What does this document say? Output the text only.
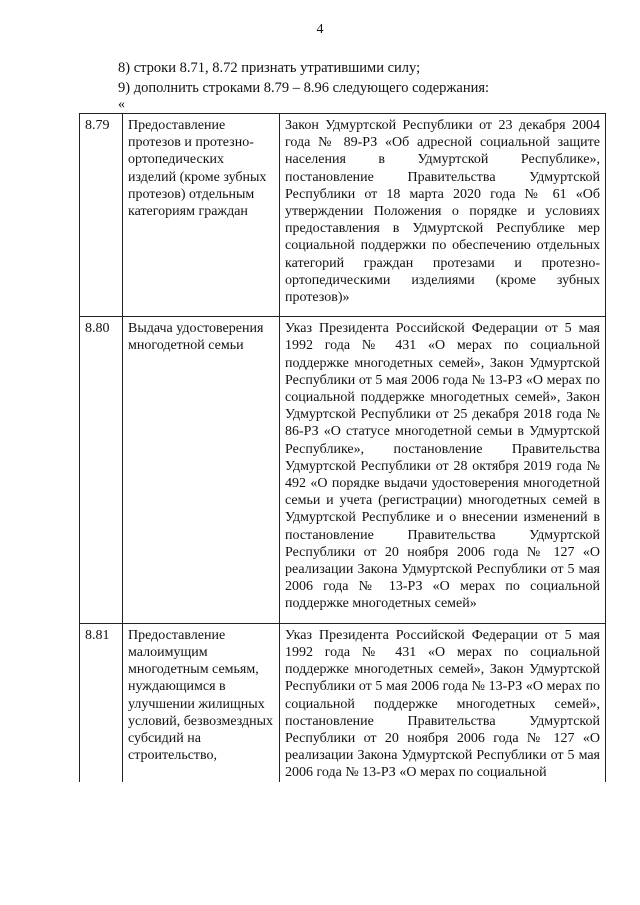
4
8) строки 8.71, 8.72 признать утратившими силу;
9) дополнить строками 8.79 – 8.96 следующего содержания:
«
8.79	Предоставление протезов и протезно-ортопедических изделий (кроме зубных протезов) отдельным категориям граждан	Закон Удмуртской Республики от 23 декабря 2004 года № 89-РЗ «Об адресной социальной защите населения в Удмуртской Республике», постановление Правительства Удмуртской Республики от 18 марта 2020 года № 61 «Об утверждении Положения о порядке и условиях предоставления в Удмуртской Республике мер социальной поддержки по обеспечению отдельных категорий граждан протезами и протезно-ортопедическими изделиями (кроме зубных протезов)»
8.80	Выдача удостоверения многодетной семьи	Указ Президента Российской Федерации от 5 мая 1992 года № 431 «О мерах по социальной поддержке многодетных семей», Закон Удмуртской Республики от 5 мая 2006 года № 13-РЗ «О мерах по социальной поддержке многодетных семей», Закон Удмуртской Республики от 25 декабря 2018 года № 86-РЗ «О статусе многодетной семьи в Удмуртской Республике», постановление Правительства Удмуртской Республики от 28 октября 2019 года № 492 «О порядке выдачи удостоверения многодетной семьи и учета (регистрации) многодетных семей в Удмуртской Республике и о внесении изменений в постановление Правительства Удмуртской Республики от 20 ноября 2006 года № 127 «О реализации Закона Удмуртской Республики от 5 мая 2006 года № 13-РЗ «О мерах по социальной поддержке многодетных семей»
8.81	Предоставление малоимущим многодетным семьям, нуждающимся в улучшении жилищных условий, безвозмездных субсидий на строительство,	Указ Президента Российской Федерации от 5 мая 1992 года № 431 «О мерах по социальной поддержке многодетных семей», Закон Удмуртской Республики от 5 мая 2006 года № 13-РЗ «О мерах по социальной поддержке многодетных семей», постановление Правительства Удмуртской Республики от 20 ноября 2006 года № 127 «О реализации Закона Удмуртской Республики от 5 мая 2006 года № 13-РЗ «О мерах по социальной
